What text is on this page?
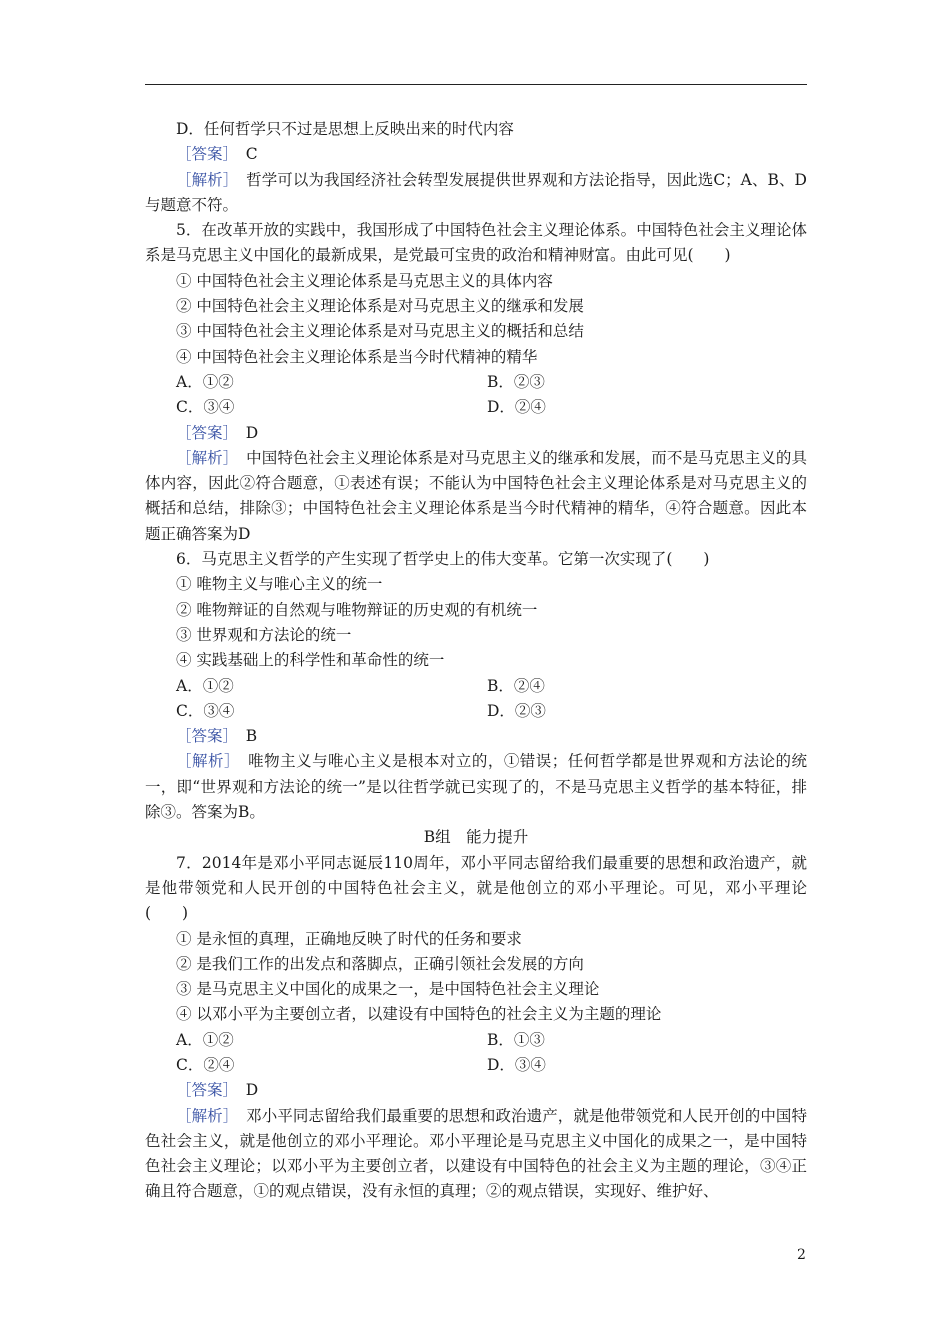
D．任何哲学只不过是思想上反映出来的时代内容

［答案］　 C

［解析］　 哲学可以为我国经济社会转型发展提供世界观和方法论指导，因此选C；A、B、D与题意不符。

5．在改革开放的实践中，我国形成了中国特色社会主义理论体系。中国特色社会主义理论体系是马克思主义中国化的最新成果，是党最可宝贵的政治和精神财富。由此可见(　　)

① 中国特色社会主义理论体系是马克思主义的具体内容

② 中国特色社会主义理论体系是对马克思主义的继承和发展

③ 中国特色社会主义理论体系是对马克思主义的概括和总结

④ 中国特色社会主义理论体系是当今时代精神的精华

A．①②	B．②③
C．③④	D．②④

［答案］　 D

［解析］　 中国特色社会主义理论体系是对马克思主义的继承和发展，而不是马克思主义的具体内容，因此②符合题意，①表述有误；不能认为中国特色社会主义理论体系是对马克思主义的概括和总结，排除③；中国特色社会主义理论体系是当今时代精神的精华，④符合题意。因此本题正确答案为D

6．马克思主义哲学的产生实现了哲学史上的伟大变革。它第一次实现了(　　)

① 唯物主义与唯心主义的统一

② 唯物辩证的自然观与唯物辩证的历史观的有机统一

③ 世界观和方法论的统一

④ 实践基础上的科学性和革命性的统一

A．①②	B．②④
C．③④	D．②③

［答案］　 B

［解析］　 唯物主义与唯心主义是根本对立的，①错误；任何哲学都是世界观和方法论的统一，即“世界观和方法论的统一”是以往哲学就已实现了的，不是马克思主义哲学的基本特征，排除③。答案为B。

B组　能力提升

7．2014年是邓小平同志诞辰110周年，邓小平同志留给我们最重要的思想和政治遗产，就是他带领党和人民开创的中国特色社会主义，就是他创立的邓小平理论。可见，邓小平理论(　　)

① 是永恒的真理，正确地反映了时代的任务和要求

② 是我们工作的出发点和落脚点，正确引领社会发展的方向

③ 是马克思主义中国化的成果之一，是中国特色社会主义理论

④ 以邓小平为主要创立者，以建设有中国特色的社会主义为主题的理论

A．①②	B．①③
C．②④	D．③④

［答案］　 D

［解析］　 邓小平同志留给我们最重要的思想和政治遗产，就是他带领党和人民开创的中国特色社会主义，就是他创立的邓小平理论。邓小平理论是马克思主义中国化的成果之一，是中国特色社会主义理论；以邓小平为主要创立者，以建设有中国特色的社会主义为主题的理论，③④正确且符合题意，①的观点错误，没有永恒的真理；②的观点错误，实现好、维护好、

2
